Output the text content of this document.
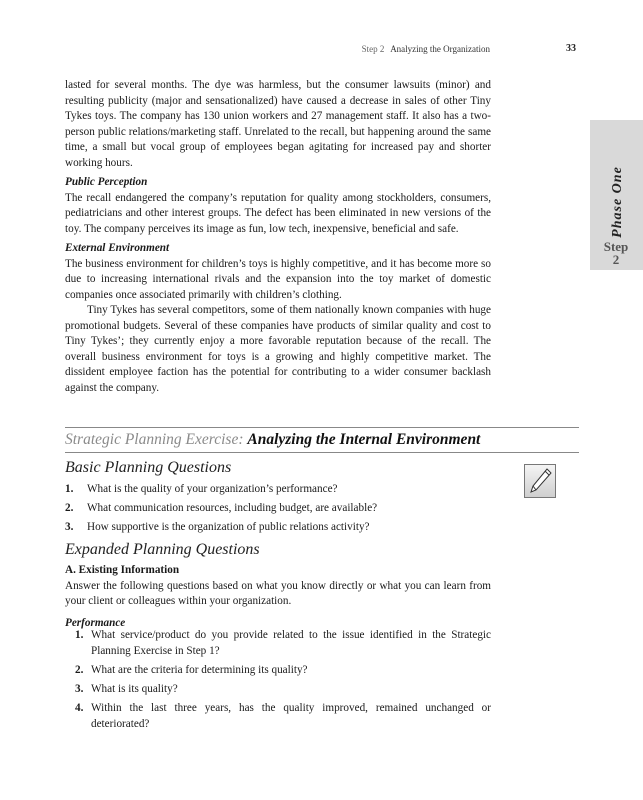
Step 2 Analyzing the Organization	33
Phase One
Step
2

lasted for several months. The dye was harmless, but the consumer lawsuits (minor) and resulting publicity (major and sensationalized) have caused a decrease in sales of other Tiny Tykes toys. The company has 130 union workers and 27 management staff. It also has a two-person public relations/marketing staff. Unrelated to the recall, but happening around the same time, a small but vocal group of employees began agitating for increased pay and shorter working hours.

Public Perception

The recall endangered the company’s reputation for quality among stockholders, consumers, pediatricians and other interest groups. The defect has been eliminated in new versions of the toy. The company perceives its image as fun, low tech, inexpensive, beneficial and safe.

External Environment

The business environment for children’s toys is highly competitive, and it has become more so due to increasing international rivals and the expansion into the toy market of domestic companies once associated primarily with children’s clothing.

Tiny Tykes has several competitors, some of them nationally known companies with huge promotional budgets. Several of these companies have products of similar quality and cost to Tiny Tykes’; they currently enjoy a more favorable reputation because of the recall. The overall business environment for toys is a growing and highly competitive market. The dissident employee faction has the potential for contributing to a wider consumer backlash against the company.

Strategic Planning Exercise: Analyzing the Internal Environment
Basic Planning Questions
1.	What is the quality of your organization’s performance?
2.	What communication resources, including budget, are available?
3.	How supportive is the organization of public relations activity?
Expanded Planning Questions
A. Existing Information

Answer the following questions based on what you know directly or what you can learn from your client or colleagues within your organization.

Performance
1. What service/product do you provide related to the issue identified in the Strategic Planning Exercise in Step 1?
2. What are the criteria for determining its quality?
3. What is its quality?
4. Within the last three years, has the quality improved, remained unchanged or deteriorated?
